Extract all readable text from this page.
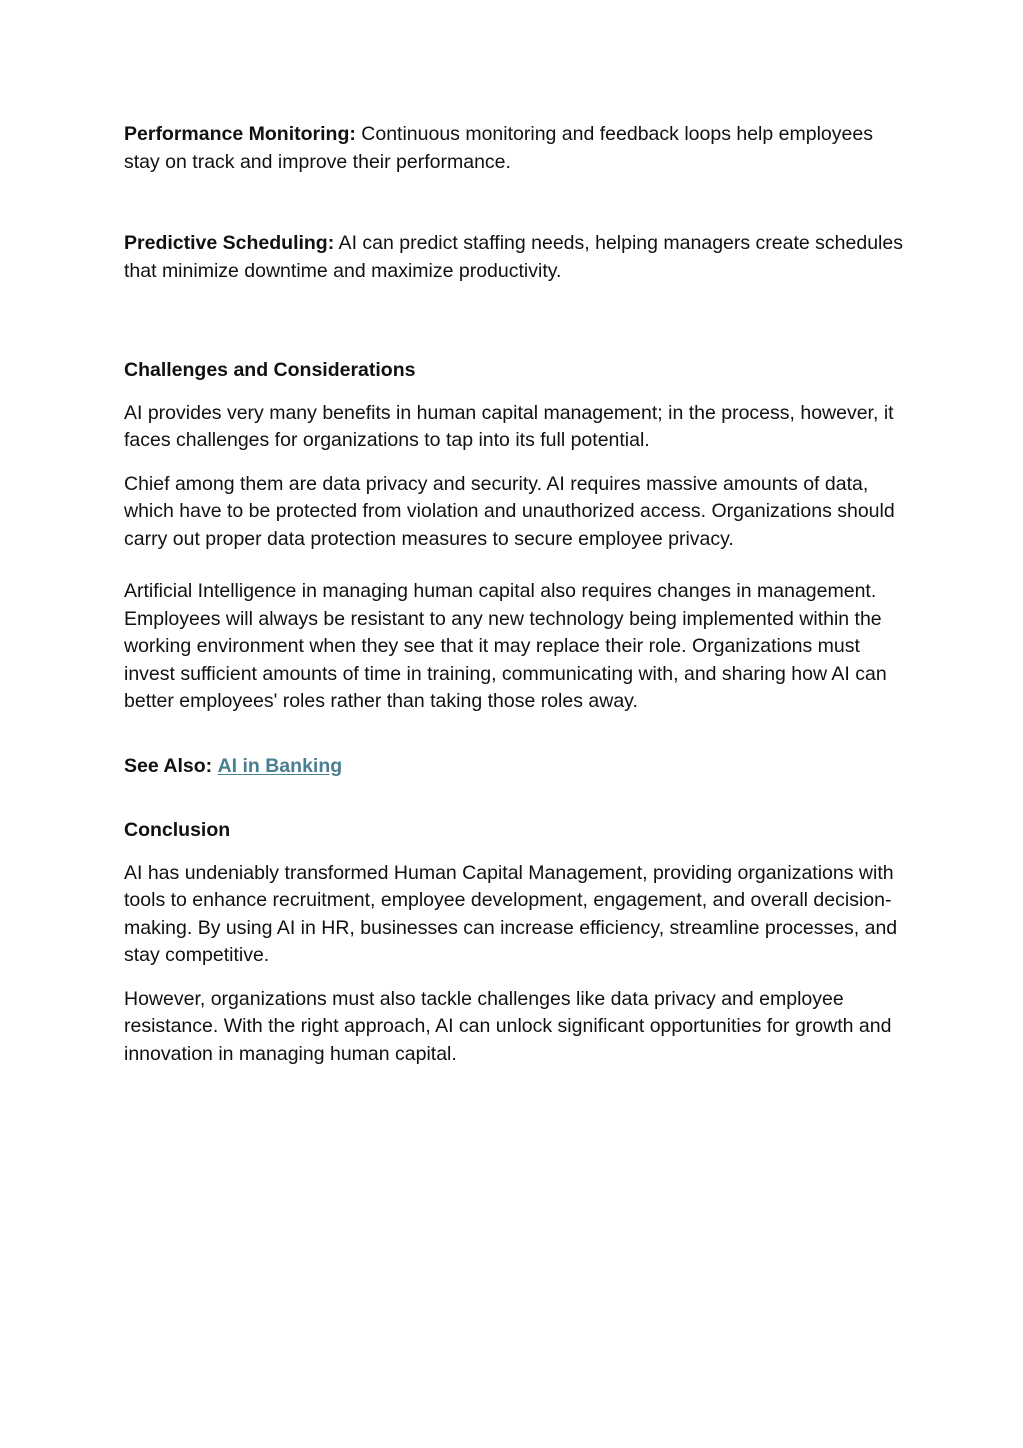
Performance Monitoring: Continuous monitoring and feedback loops help employees stay on track and improve their performance.

Predictive Scheduling: AI can predict staffing needs, helping managers create schedules that minimize downtime and maximize productivity.

Challenges and Considerations

AI provides very many benefits in human capital management; in the process, however, it faces challenges for organizations to tap into its full potential.

Chief among them are data privacy and security. AI requires massive amounts of data, which have to be protected from violation and unauthorized access. Organizations should carry out proper data protection measures to secure employee privacy.

Artificial Intelligence in managing human capital also requires changes in management. Employees will always be resistant to any new technology being implemented within the working environment when they see that it may replace their role. Organizations must invest sufficient amounts of time in training, communicating with, and sharing how AI can better employees' roles rather than taking those roles away.

See Also: AI in Banking

Conclusion

AI has undeniably transformed Human Capital Management, providing organizations with tools to enhance recruitment, employee development, engagement, and overall decision-making. By using AI in HR, businesses can increase efficiency, streamline processes, and stay competitive.

However, organizations must also tackle challenges like data privacy and employee resistance. With the right approach, AI can unlock significant opportunities for growth and innovation in managing human capital.
